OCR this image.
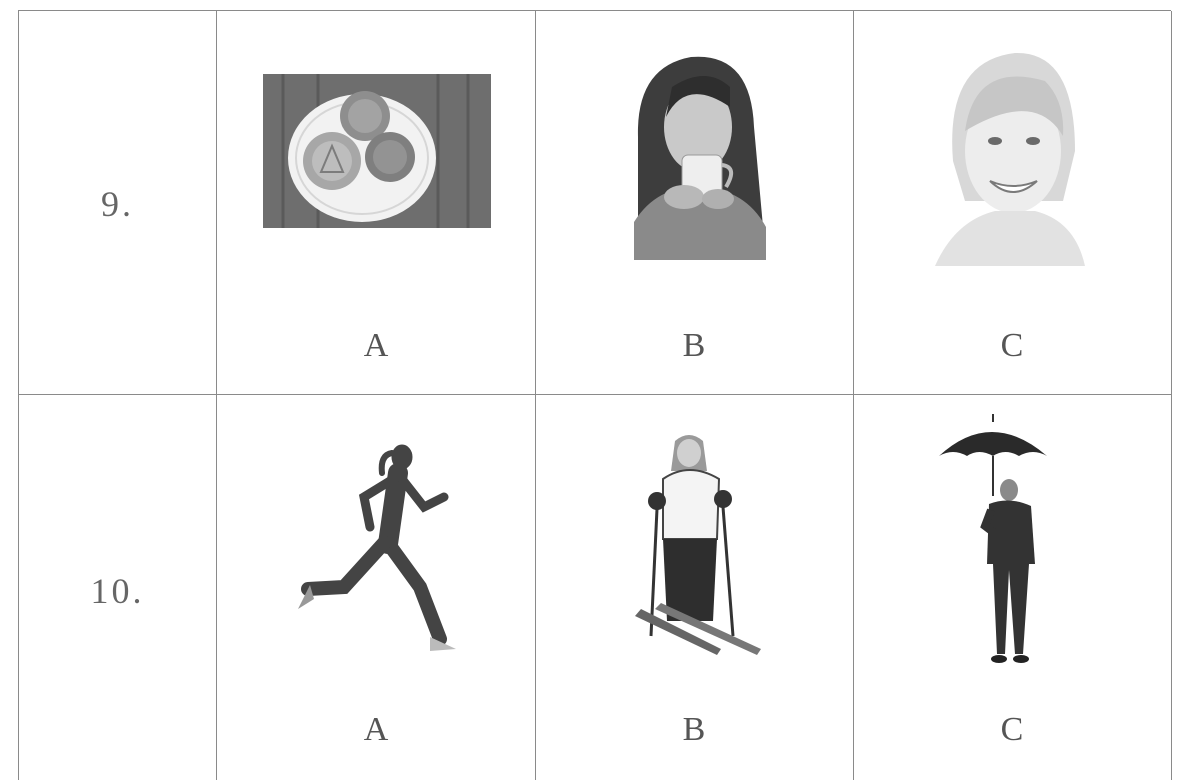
9.
A	B	C
10.
A	B	C
